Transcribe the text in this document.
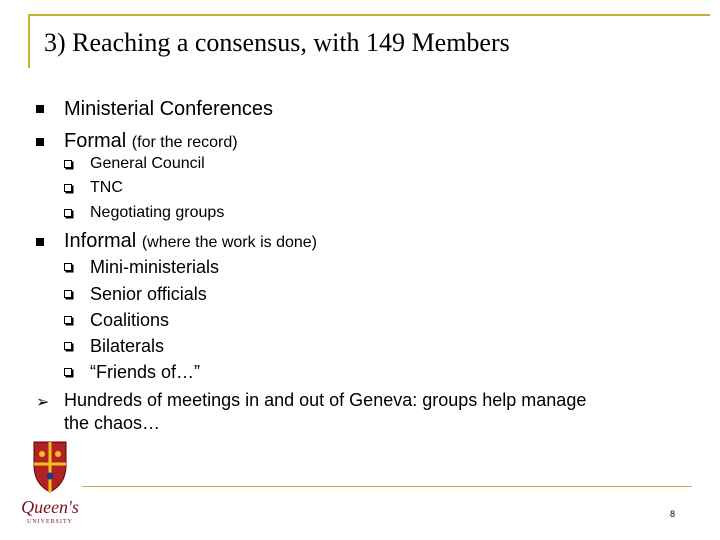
3) Reaching a consensus, with 149 Members
Ministerial Conferences
Formal (for the record)
General Council
TNC
Negotiating groups
Informal (where the work is done)
Mini-ministerials
Senior officials
Coalitions
Bilaterals
“Friends of…”
➢ Hundreds of meetings in and out of Geneva: groups help manage
the chaos…
Queen's
UNIVERSITY
8
